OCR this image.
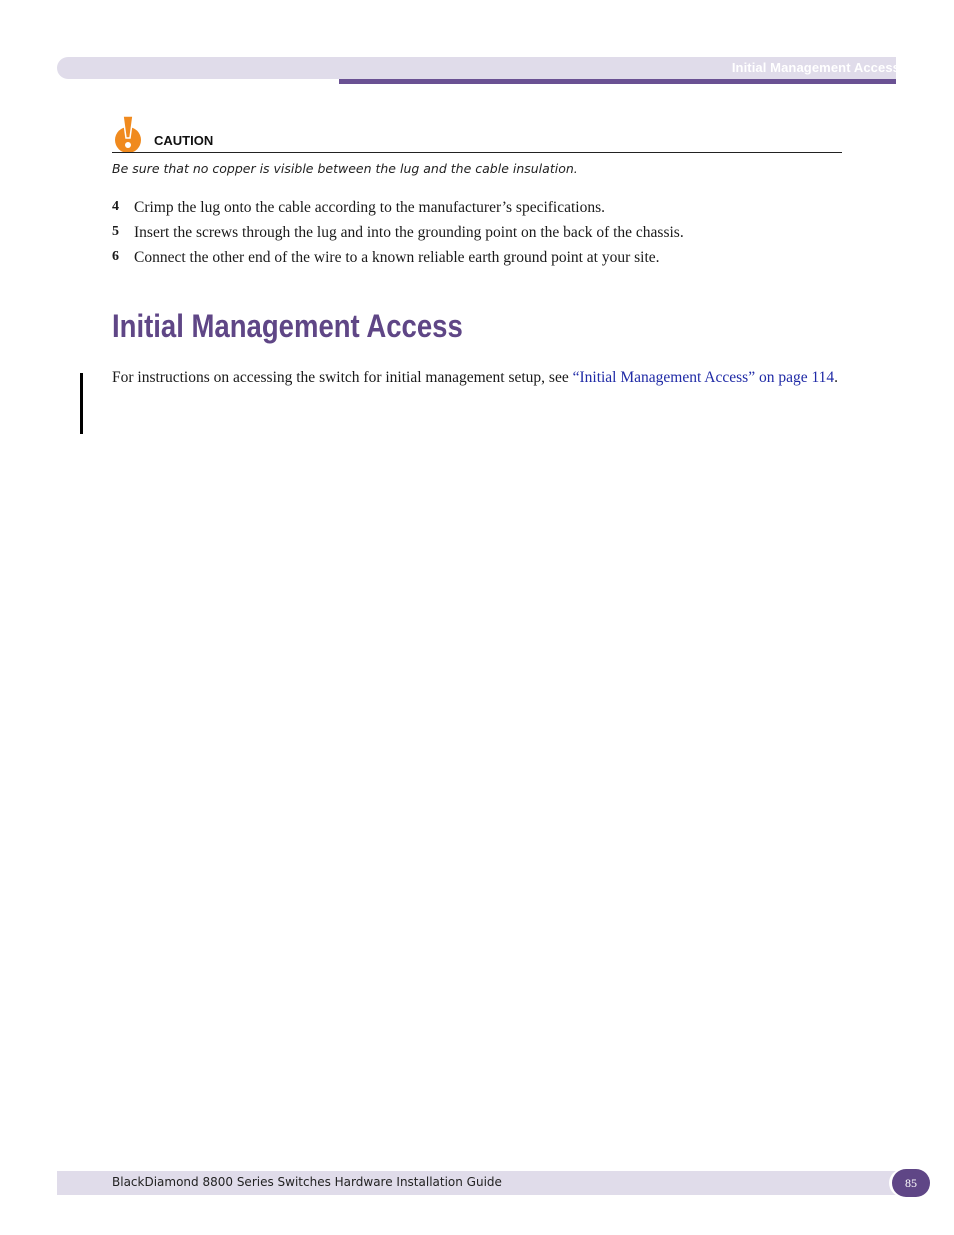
Initial Management Access
CAUTION
Be sure that no copper is visible between the lug and the cable insulation.
4 Crimp the lug onto the cable according to the manufacturer’s specifications.
5 Insert the screws through the lug and into the grounding point on the back of the chassis.
6 Connect the other end of the wire to a known reliable earth ground point at your site.
Initial Management Access

For instructions on accessing the switch for initial management setup, see “Initial Management Access” on page 114.

BlackDiamond 8800 Series Switches Hardware Installation Guide	85
